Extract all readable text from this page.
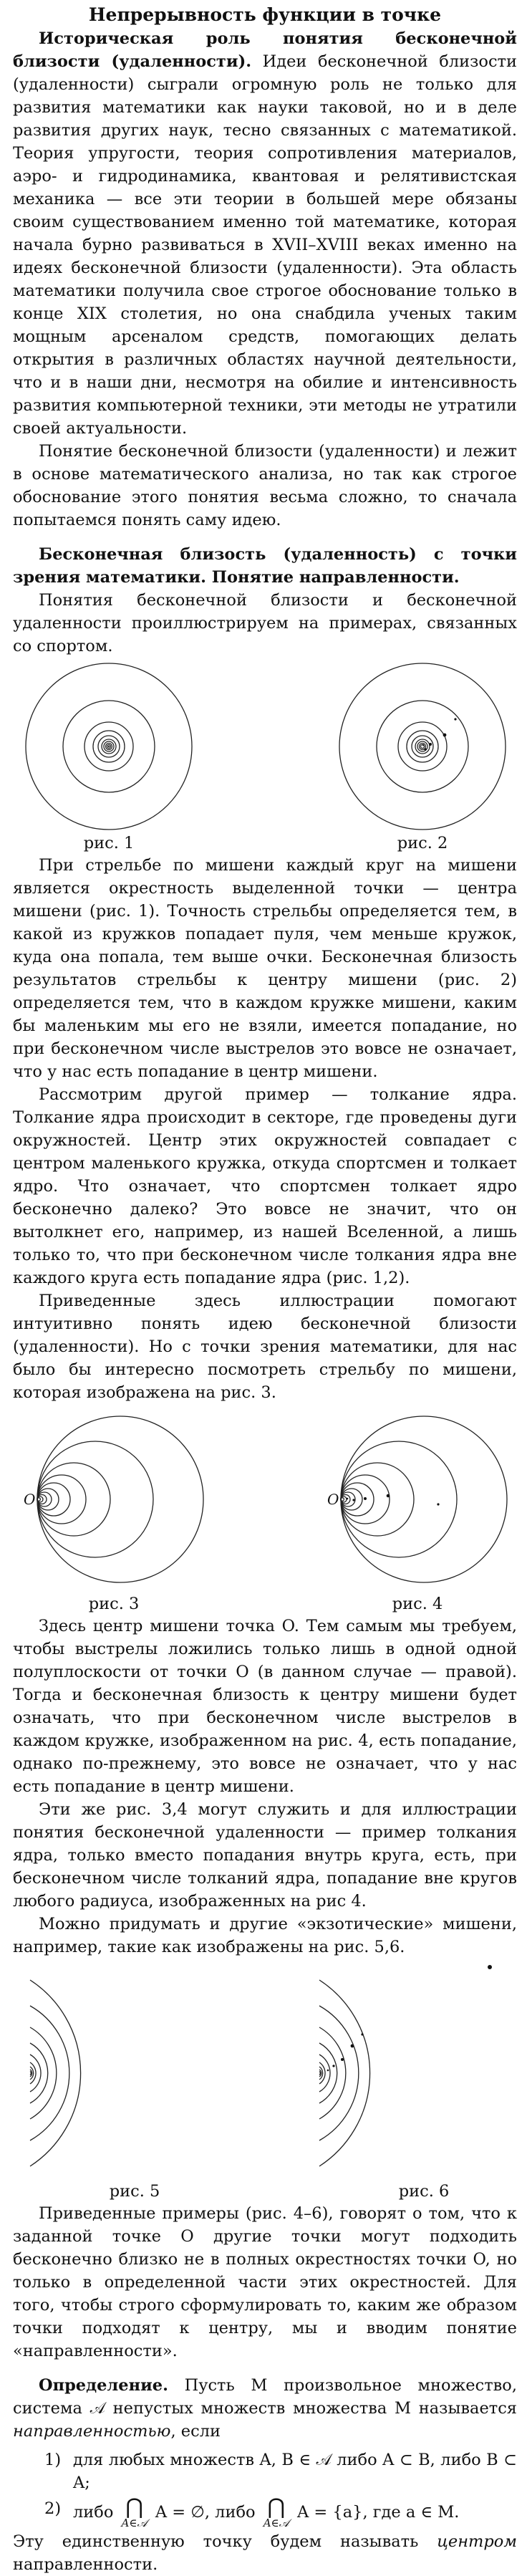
Непрерывность функции в точке

Историческая роль понятия бесконечной близости (удаленности). Идеи бесконечной близости (удаленности) сыграли огромную роль не только для развития математики как науки таковой, но и в деле развития других наук, тесно связанных с математикой. Теория упругости, теория сопротивления материалов, аэро- и гидродинамика, квантовая и релятивистская механика — все эти теории в большей мере обязаны своим существованием именно той математике, которая начала бурно развиваться в XVII–XVIII веках именно на идеях бесконечной близости (удаленности). Эта область математики получила свое строгое обоснование только в конце XIX столетия, но она снабдила ученых таким мощным арсеналом средств, помогающих делать открытия в различных областях научной деятельности, что и в наши дни, несмотря на обилие и интенсивность развития компьютерной техники, эти методы не утратили своей актуальности.

Понятие бесконечной близости (удаленности) и лежит в основе математического анализа, но так как строгое обоснование этого понятия весьма сложно, то сначала попытаемся понять саму идею.

Бесконечная близость (удаленность) с точки зрения математики. Понятие направленности.

Понятия бесконечной близости и бесконечной удаленности проиллюстрируем на примерах, связанных со спортом.

рис. 1	рис. 2

При стрельбе по мишени каждый круг на мишени является окрестность выделенной точки — центра мишени (рис. 1). Точность стрельбы определяется тем, в какой из кружков попадает пуля, чем меньше кружок, куда она попала, тем выше очки. Бесконечная близость результатов стрельбы к центру мишени (рис. 2) определяется тем, что в каждом кружке мишени, каким бы маленьким мы его не взяли, имеется попадание, но при бесконечном числе выстрелов это вовсе не означает, что у нас есть попадание в центр мишени.

Рассмотрим другой пример — толкание ядра. Толкание ядра происходит в секторе, где проведены дуги окружностей. Центр этих окружностей совпадает с центром маленького кружка, откуда спортсмен и толкает ядро. Что означает, что спортсмен толкает ядро бесконечно далеко? Это вовсе не значит, что он вытолкнет его, например, из нашей Вселенной, а лишь только то, что при бесконечном числе толкания ядра вне каждого круга есть попадание ядра (рис. 1,2).

Приведенные здесь иллюстрации помогают интуитивно понять идею бесконечной близости (удаленности). Но с точки зрения математики, для нас было бы интересно посмотреть стрельбу по мишени, которая изображена на рис. 3.

O
рис. 3
O
рис. 4

Здесь центр мишени точка O. Тем самым мы требуем, чтобы выстрелы ложились только лишь в одной одной полуплоскости от точки O (в данном случае — правой). Тогда и бесконечная близость к центру мишени будет означать, что при бесконечном числе выстрелов в каждом кружке, изображенном на рис. 4, есть попадание, однако по-прежнему, это вовсе не означает, что у нас есть попадание в центр мишени.

Эти же рис. 3,4 могут служить и для иллюстрации понятия бесконечной удаленности — пример толкания ядра, только вместо попадания внутрь круга, есть, при бесконечном числе толканий ядра, попадание вне кругов любого радиуса, изображенных на рис 4.

Можно придумать и другие «экзотические» мишени, например, такие как изображены на рис. 5,6.

рис. 5	рис. 6

Приведенные примеры (рис. 4–6), говорят о том, что к заданной точке O другие точки могут подходить бесконечно близко не в полных окрестностях точки O, но только в определенной части этих окрестностей. Для того, чтобы строго сформулировать то, каким же образом точки подходят к центру, мы и вводим понятие «направленности».

Определение. Пусть M произвольное множество, система 𝒜 непустых множеств множества M называется направленностью, если

1) для любых множеств A, B ∈ 𝒜 либо A ⊂ B, либо B ⊂ A;
2) либо ⋂
A∈𝒜
A = ∅, либо ⋂
A∈𝒜
A = {a}, где a ∈ M.

Эту единственную точку будем называть центром направленности.
